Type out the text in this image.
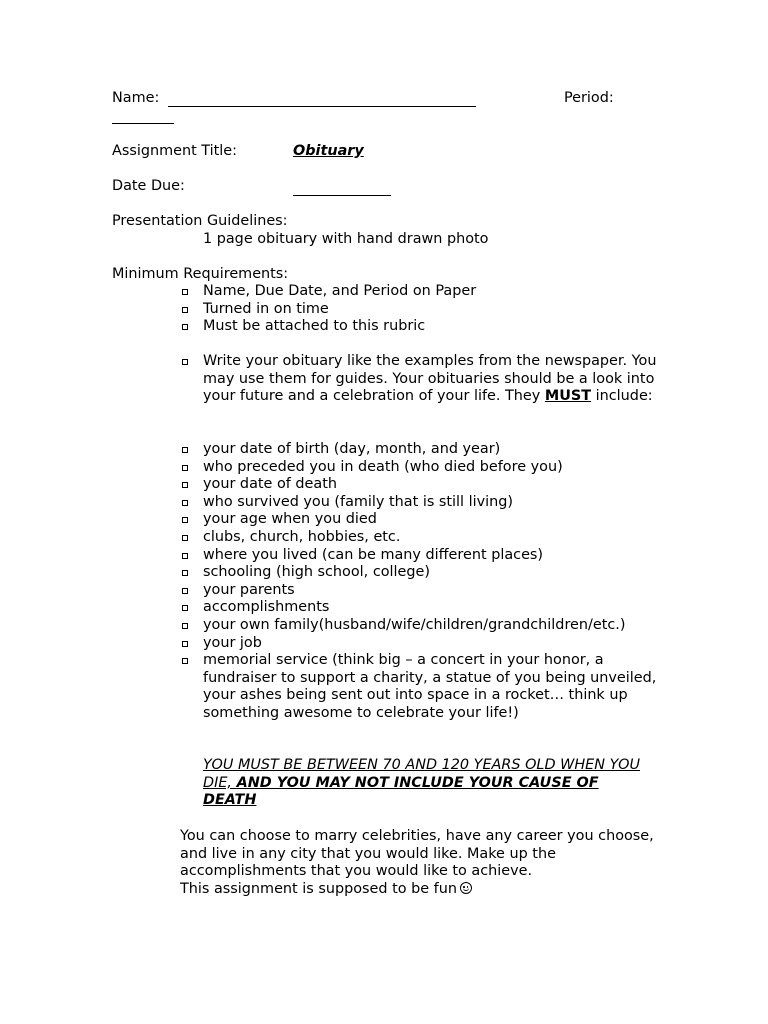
Name:	Period:
Assignment Title:	Obituary
Date Due:
Presentation Guidelines:
1 page obituary with hand drawn photo
Minimum Requirements:
Name, Due Date, and Period on Paper
Turned in on time
Must be attached to this rubric
Write your obituary like the examples from the newspaper. You may use them for guides. Your obituaries should be a look into your future and a celebration of your life. They MUST include:
your date of birth (day, month, and year)
who preceded you in death (who died before you)
your date of death
who survived you (family that is still living)
your age when you died
clubs, church, hobbies, etc.
where you lived (can be many different places)
schooling (high school, college)
your parents
accomplishments
your own family(husband/wife/children/grandchildren/etc.)
your job
memorial service (think big – a concert in your honor, a fundraiser to support a charity, a statue of you being unveiled, your ashes being sent out into space in a rocket… think up something awesome to celebrate your life!)
YOU MUST BE BETWEEN 70 AND 120 YEARS OLD WHEN YOU DIE, AND YOU MAY NOT INCLUDE YOUR CAUSE OF DEATH
You can choose to marry celebrities, have any career you choose, and live in any city that you would like. Make up the accomplishments that you would like to achieve.
This assignment is supposed to be fun
